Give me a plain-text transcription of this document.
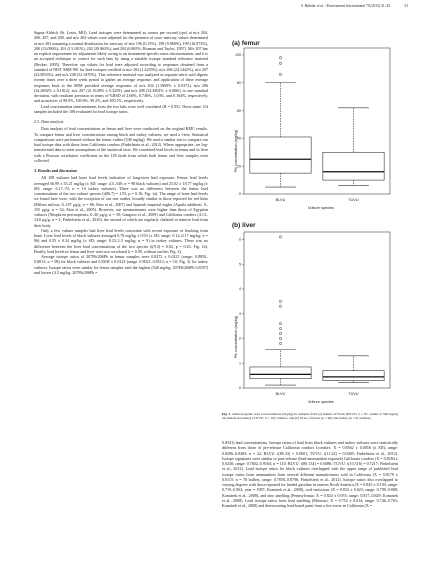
S. Behmke et al. / Environment International 79 (2015) 51–55	53

Sigma-Aldrich (St. Louis, MO). Lead isotopes were determined as counts per second (cps) at m/z 204, 206, 207, and 208, and m/z 204 values were adjusted for the presence of trace mercury values determined at m/z 202 assuming a normal distribution for mercury of m/z 196 (0.15%), 198 (9.968%), 199 (16.873%), 200 (23.096%), 201 (13.181%), 202 (29.863%), and 204 (6.865%; Rosman and Taylor, 1997). M/z 207 has an explicit requirement for adjustment likely owing to an instrument-specific mass discrimination, and it is an accepted technique to correct for such bias by using a suitable isotope standard reference material (Becker, 2005). Therefore cps values for lead were adjusted according to responses obtained from a standard of NIST SRM 981 for lead isotopes certified at m/z 204 (1.4255%), m/z 206 (24.1442%), m/z 207 (22.0833%), and m/z 208 (52.3470%). This reference material was analyzed in separate nitric acid digests twenty times over a three week period to gather an average response, and application of these average responses back to the SRM provided average responses of m/z 204 (1.3968% ± 0.0372), m/z 206 (24.2802% ± 0.1812), m/z 207 (21.9149% ± 0.2259), and m/z 208 (52.4801% ± 0.0861) to one standard deviation, with resultant precision in terms of %RSD of 2.66%, 0.746%, 1.03%, and 0.164%, respectively, and accuracies of 98.0%, 100.6%, 99.2%, and 100.1%, respectively.

Lead concentration measurements from the two labs were well correlated (R = 0.95). These same 114 samples included the 108 evaluated for lead isotope ratios.

2.3. Data analysis

Data analysis of lead concentrations in femur and liver were conducted on the original REIC results. To compare femur and liver concentrations among black and turkey vultures, we used a t-test. Statistical comparisons were performed without the femur outlier (540 mg/kg). We used a similar test to compare our lead isotope data with those from California condors (Finkelstein et al., 2012). Where appropriate, we log-transformed data to meet assumptions of the statistical tests. We correlated lead levels in femur and in liver with a Pearson correlation coefficient on the 105 birds from which both femur and liver samples were collected.

3. Results and discussion

All 108 vultures had bone lead levels indicative of long-term lead exposure. Femur lead levels averaged 36.99 ± 55.21 mg/kg (± SD; range: 4.5–540; n = 98 black vultures) and 23.02 ± 18.77 mg/kg (± SD; range: 6.17–70; n = 10 turkey vultures). There was no difference between the femur lead concentrations of the two vulture species (t(86.7) = 1.55, p = 0.16; Fig. 1a). The range of bone lead levels we found here were, with the exception of our one outlier, broadly similar to those reported for red kites (Milvus milvus; 0–187 μg/g; n = 86; Pain et al., 2007) and Spanish imperial eagles (Aquila adalberti; 0–155 μg/g; n = 34; Pain et al., 2005). However, our measurements were higher than those of Egyptian vultures (Neophron percnopterus; 0–30 μg/g; n = 39; Gangoso et al., 2009) and California condors (4.13–14.6 μg/g; n = 2; Finkelstein et al., 2010), the second of which are regularly chelated to remove lead from their body.

Only a few vulture samples had liver lead levels consistent with recent exposure or leaching from bone. Liver lead levels of black vultures averaged 0.78 mg/kg ± 0.93 (± SD; range: 0.12–6.17 mg/kg; n = 96) and 0.55 ± 0.34 mg/kg (± SD; range: 0.23–1.3 mg/kg; n = 9) in turkey vultures. There was no difference between the liver lead concentrations of the two species (t(9.3) = 0.82, p = 0.43; Fig. 1b). Finally, lead levels in femur and liver were not correlated (r = 0.09, without outlier; Fig. 2).

Average isotope ratios of 207Pb/206Pb in femur samples were 0.8272 ± 0.0121 (range: 0.8050–0.8813; n = 98) for black vultures and 0.8208 ± 0.0123 (range: 0.8021–0.8513; n = 10; Fig. 3) for turkey vultures. Isotope ratios were similar for femur samples with the highest (540 mg/kg; 207Pb/206Pb 0.8557) and lowest (4.5 mg/kg; 207Pb/206Pb =

(a) femur
Pb concentration (mg/kg)
0
20
40
60
80
100
BLVU	TUVU
Vulture species
(b) liver
Pb concentration (mg/kg)
0
1
2
3
4
5
6
BLVU	TUVU
Vulture species
Fig. 1. Anthropogenic lead concentrations (mg/kg) in samples from (a) femurs of black (BLVU; n = 97, outlier at 540 mg/kg excluded) and turkey (TUVU; n = 10) vultures, and (b) livers of black (n = 96) and turkey (n = 9) vultures.

0.8341) lead concentrations. Isotope ratios of lead from black vultures and turkey vultures were statistically different from those of pre-release California condors (condors: X = 0.8362 ± 0.0056 (± SD); range: 0.8296–0.8483; n = 22; BLVU: t(86.33) = 0.0001; TUVU: t(11.22) = 0.0409; Finkelstein et al., 2012). Isotope signatures were similar to post-release (lead-ammunition exposed) California condors (X = 0.8284 ± 0.0230; range: 0.7602–0.9164; n = 110; BLVU: t(80.134) = 0.6086; TUVU: t(10.516) = 0.7217; Finkelstein et al., 2012). Lead isotope ratios for black vultures overlapped with the upper range of published lead isotope ratios from ammunition from several different manufacturers sold in California (X = 0.8179 ± 0.0115; n = 76 bullets, range: 0.7858–0.8706; Finkelstein et al., 2012). Isotope ratios also overlapped to varying degrees with those reported for leaded gasoline in eastern North America (X = 0.845 ± 0.103; range: 0.719–0.962; year = 1987; Komárek et al., 2008), coal emissions (X = 0.833 ± 0.023; range: 0.799–0.888; Komárek et al., 2008), and zinc smelting (Pennsylvania: X = 0.824 ± 0.055; range: 0.817–0.829; Komárek et al., 2008). Lead isotope ratios from lead smelting (Missouri, X = 0.752 ± 0.014; range: 0.746–0.763; Komárek et al., 2008) and deteriorating lead-based paint from a fire tower in California (X =
